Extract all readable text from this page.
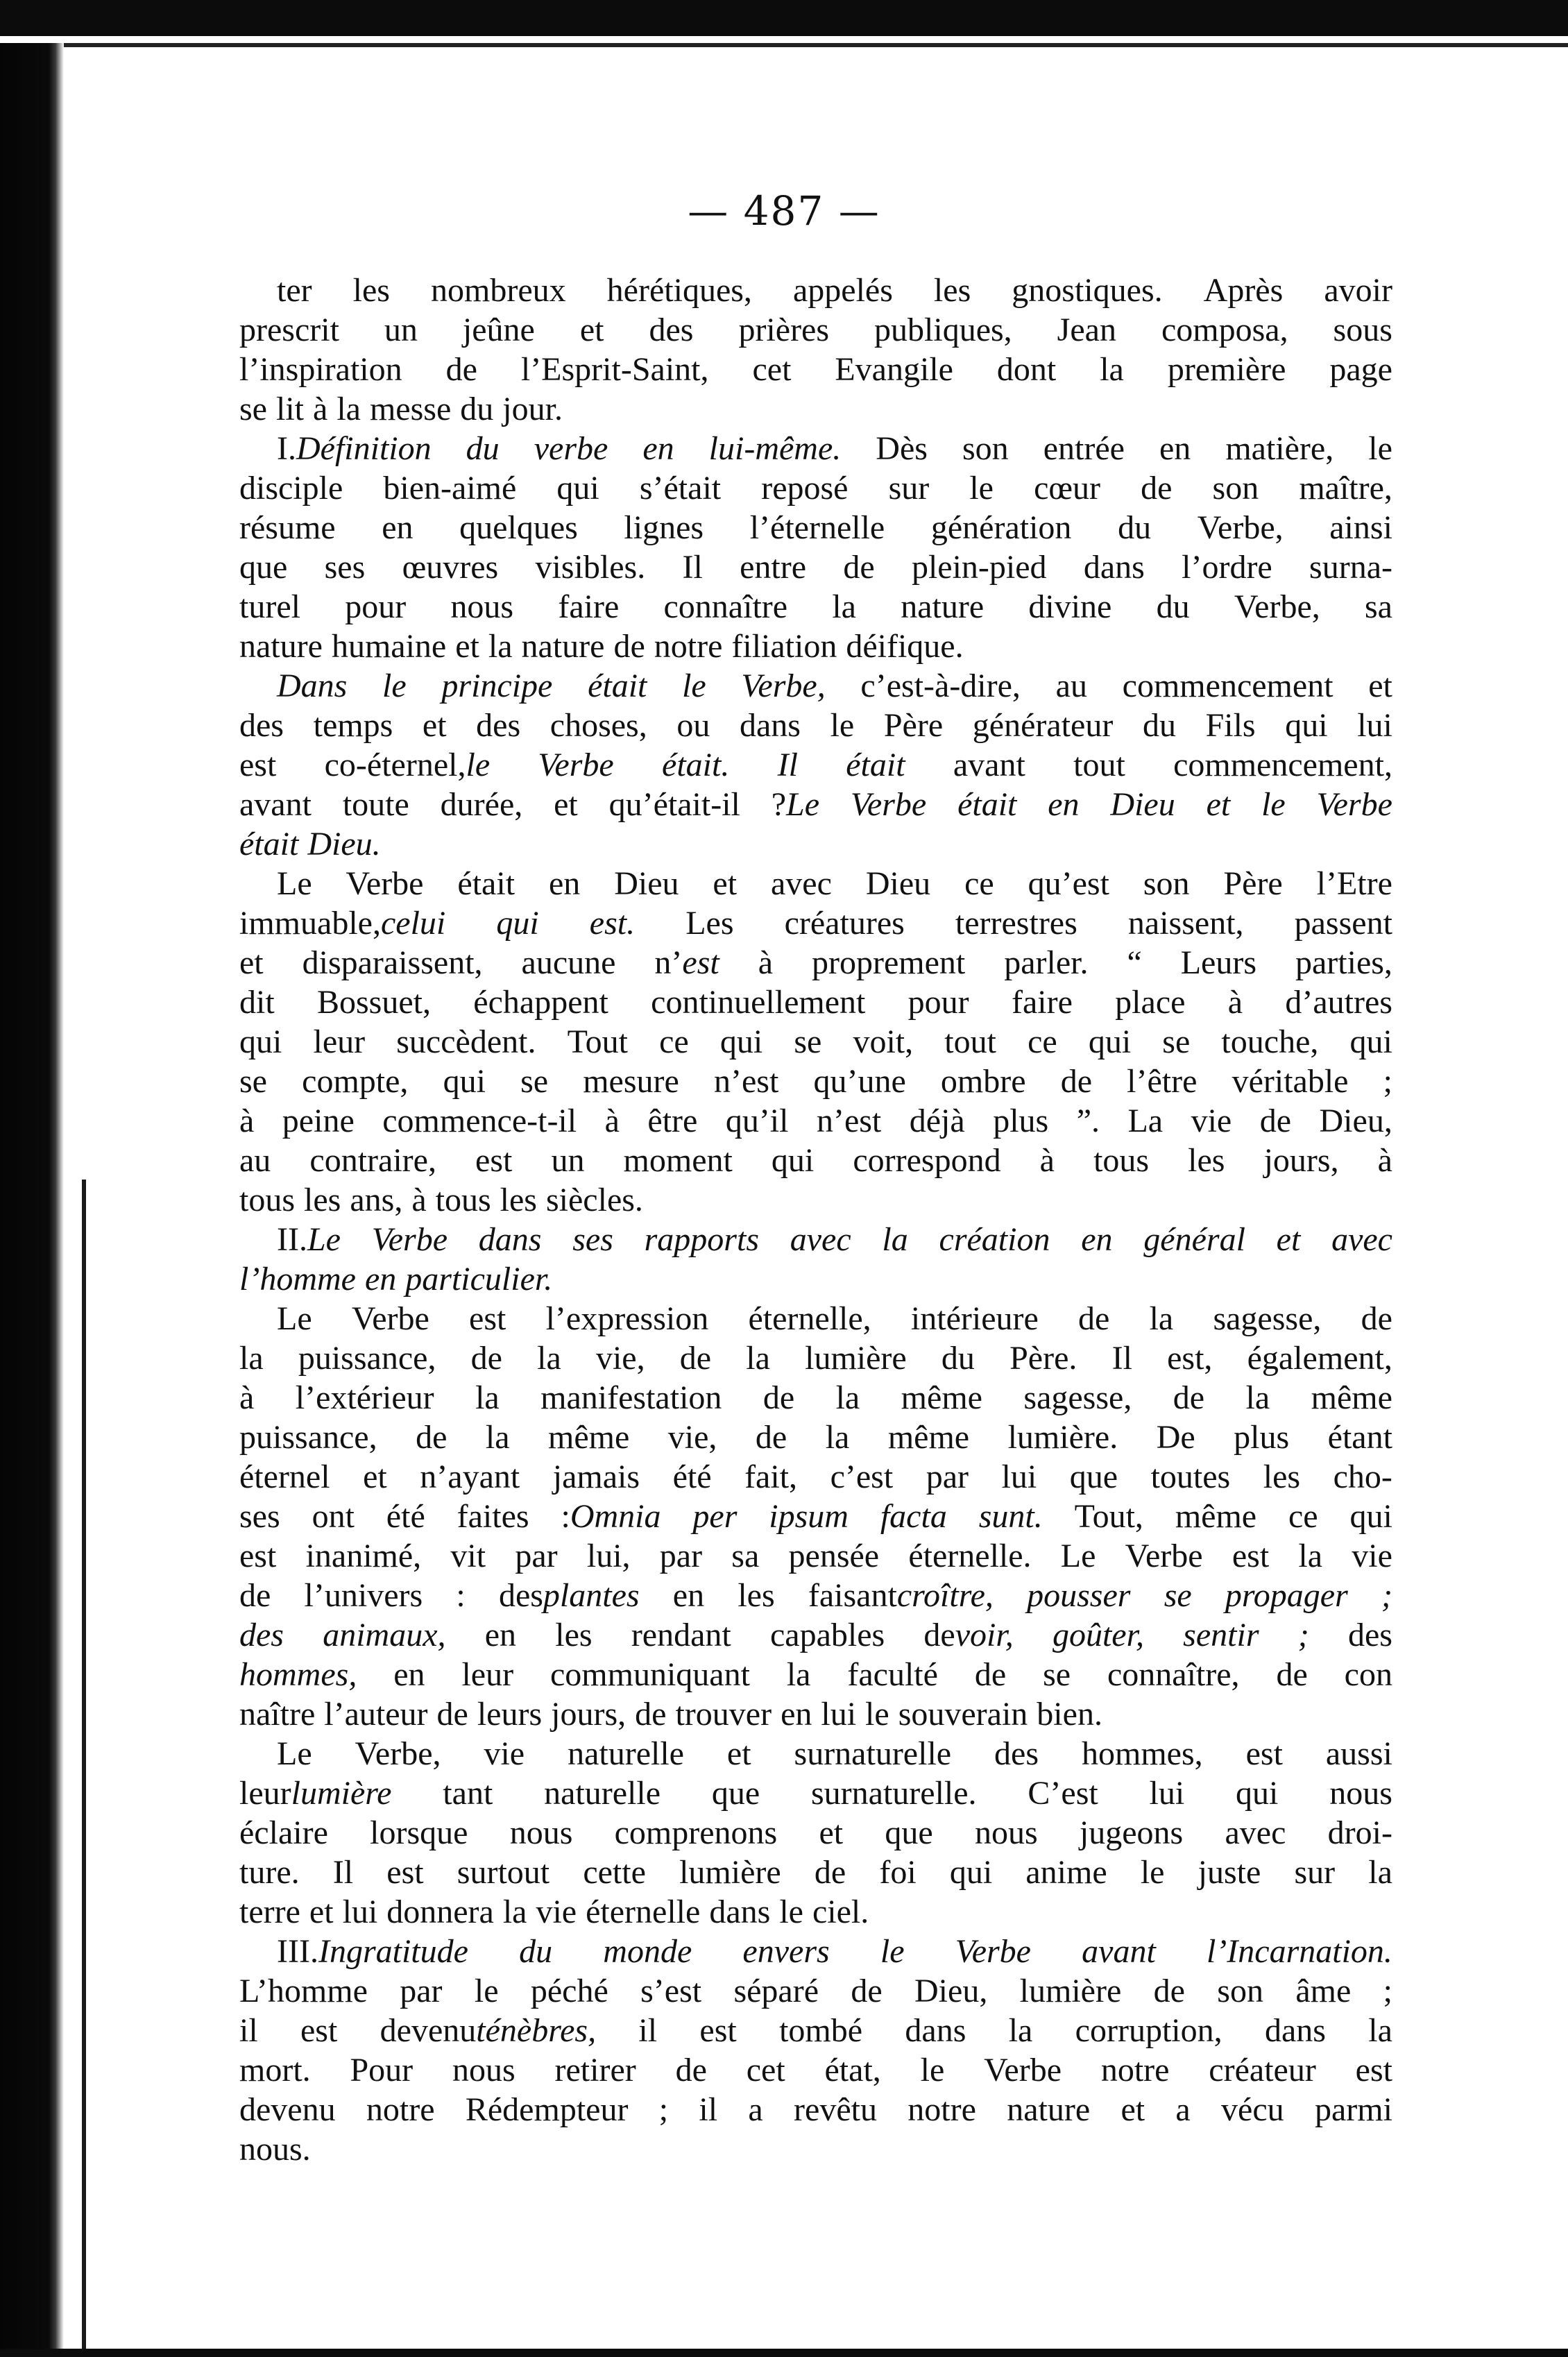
— 487 —
ter les nombreux hérétiques, appelés les gnostiques. Après avoir
prescrit un jeûne et des prières publiques, Jean composa, sous
l’inspiration de l’Esprit-Saint, cet Evangile dont la première page
se lit à la messe du jour.
I.Définition du verbe en lui-même. Dès son entrée en matière, le
disciple bien-aimé qui s’était reposé sur le cœur de son maître,
résume en quelques lignes l’éternelle génération du Verbe, ainsi
que ses œuvres visibles. Il entre de plein-pied dans l’ordre surna-
turel pour nous faire connaître la nature divine du Verbe, sa
nature humaine et la nature de notre filiation déifique.
Dans le principe était le Verbe, c’est-à-dire, au commencement et
des temps et des choses, ou dans le Père générateur du Fils qui lui
est co-éternel,le Verbe était. Il était avant tout commencement,
avant toute durée, et qu’était-il ?Le Verbe était en Dieu et le Verbe
était Dieu.
Le Verbe était en Dieu et avec Dieu ce qu’est son Père l’Etre
immuable,celui qui est. Les créatures terrestres naissent, passent
et disparaissent, aucune n’est à proprement parler. “ Leurs parties,
dit Bossuet, échappent continuellement pour faire place à d’autres
qui leur succèdent. Tout ce qui se voit, tout ce qui se touche, qui
se compte, qui se mesure n’est qu’une ombre de l’être véritable ;
à peine commence-t-il à être qu’il n’est déjà plus ”. La vie de Dieu,
au contraire, est un moment qui correspond à tous les jours, à
tous les ans, à tous les siècles.
II.Le Verbe dans ses rapports avec la création en général et avec
l’homme en particulier.
Le Verbe est l’expression éternelle, intérieure de la sagesse, de
la puissance, de la vie, de la lumière du Père. Il est, également,
à l’extérieur la manifestation de la même sagesse, de la même
puissance, de la même vie, de la même lumière. De plus étant
éternel et n’ayant jamais été fait, c’est par lui que toutes les cho-
ses ont été faites :Omnia per ipsum facta sunt. Tout, même ce qui
est inanimé, vit par lui, par sa pensée éternelle. Le Verbe est la vie
de l’univers : desplantes en les faisantcroître, pousser se propager ;
des animaux, en les rendant capables devoir, goûter, sentir ; des
hommes, en leur communiquant la faculté de se connaître, de con
naître l’auteur de leurs jours, de trouver en lui le souverain bien.
Le Verbe, vie naturelle et surnaturelle des hommes, est aussi
leurlumière tant naturelle que surnaturelle. C’est lui qui nous
éclaire lorsque nous comprenons et que nous jugeons avec droi-
ture. Il est surtout cette lumière de foi qui anime le juste sur la
terre et lui donnera la vie éternelle dans le ciel.
III.Ingratitude du monde envers le Verbe avant l’Incarnation.
L’homme par le péché s’est séparé de Dieu, lumière de son âme ;
il est devenuténèbres, il est tombé dans la corruption, dans la
mort. Pour nous retirer de cet état, le Verbe notre créateur est
devenu notre Rédempteur ; il a revêtu notre nature et a vécu parmi
nous.
